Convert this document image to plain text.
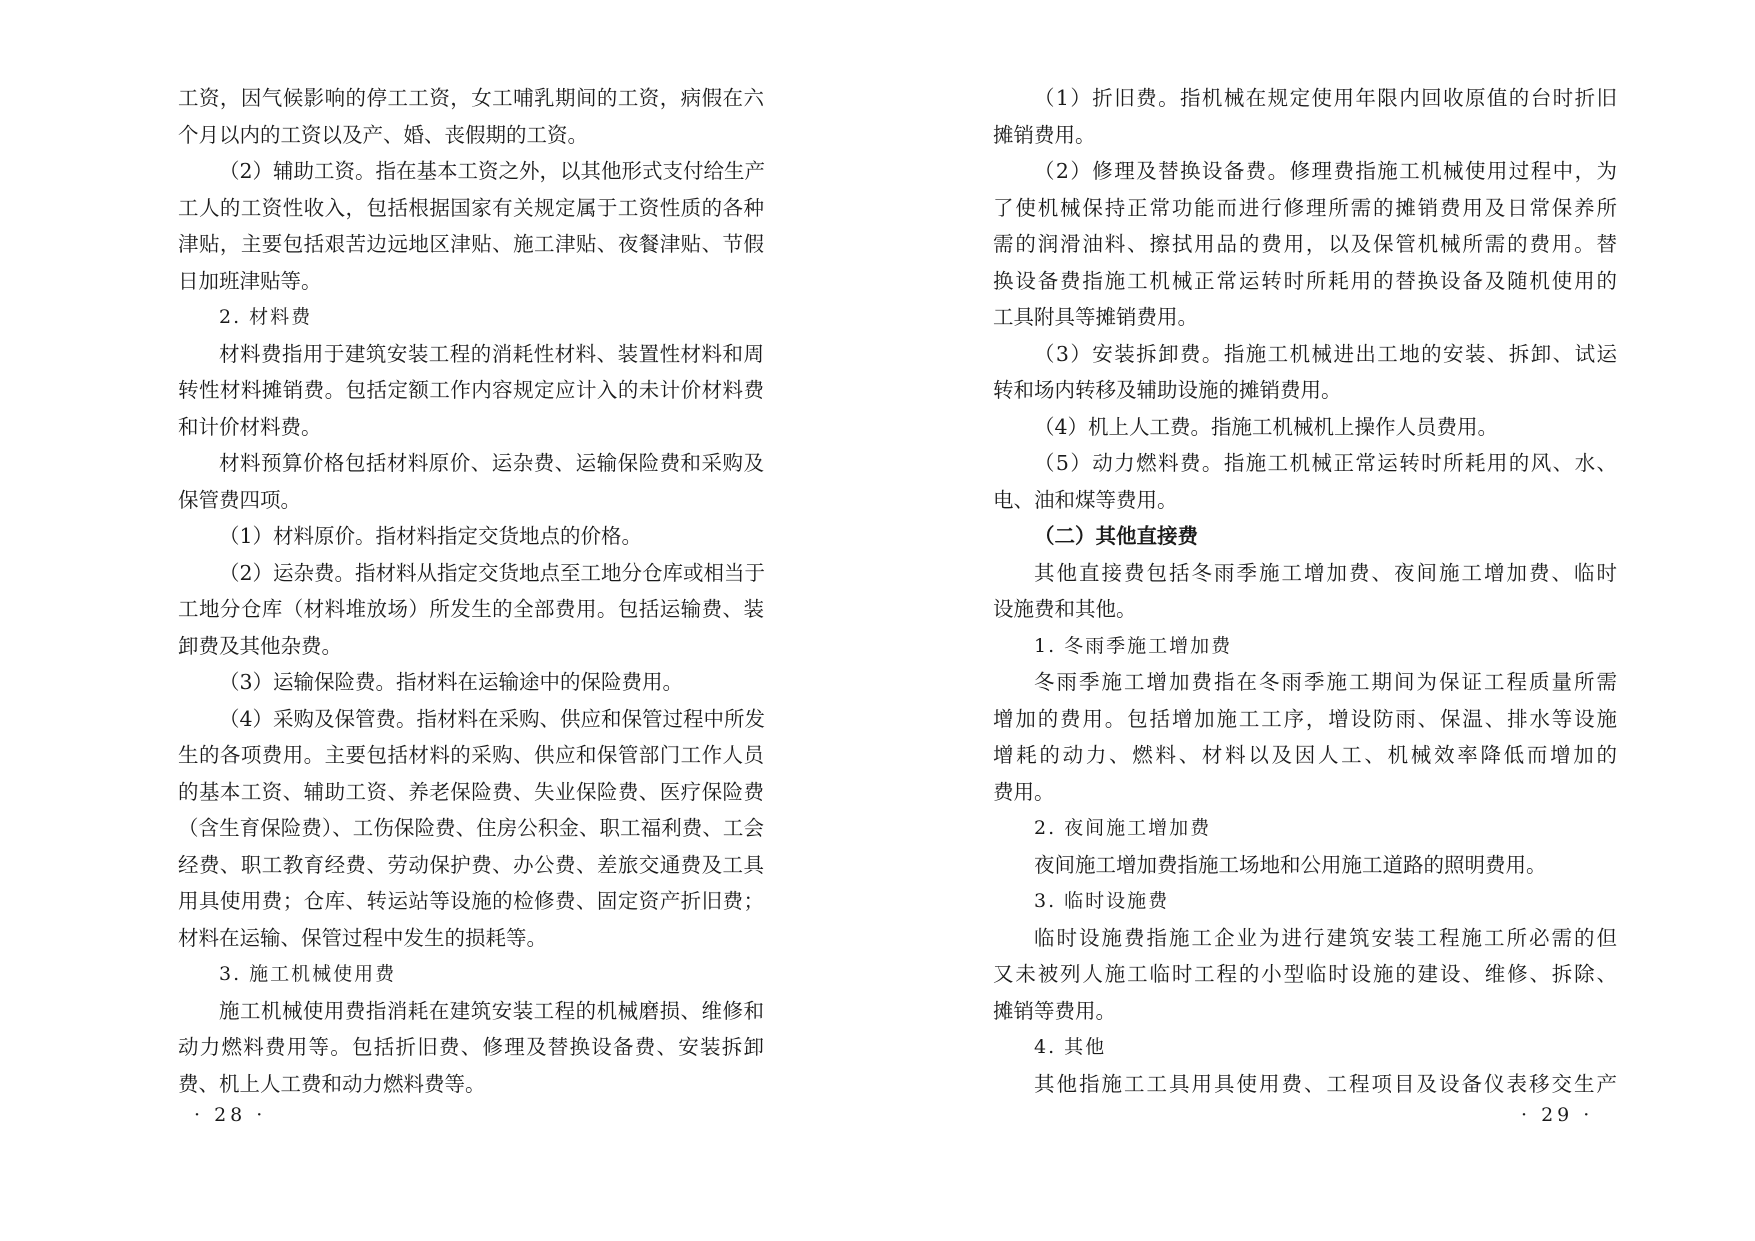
工资，因气候影响的停工工资，女工哺乳期间的工资，病假在六
个月以内的工资以及产、婚、丧假期的工资。
（2）辅助工资。指在基本工资之外，以其他形式支付给生产
工人的工资性收入，包括根据国家有关规定属于工资性质的各种
津贴，主要包括艰苦边远地区津贴、施工津贴、夜餐津贴、节假
日加班津贴等。
2. 材料费
材料费指用于建筑安装工程的消耗性材料、装置性材料和周
转性材料摊销费。包括定额工作内容规定应计入的未计价材料费
和计价材料费。
材料预算价格包括材料原价、运杂费、运输保险费和采购及
保管费四项。
（1）材料原价。指材料指定交货地点的价格。
（2）运杂费。指材料从指定交货地点至工地分仓库或相当于
工地分仓库（材料堆放场）所发生的全部费用。包括运输费、装
卸费及其他杂费。
（3）运输保险费。指材料在运输途中的保险费用。
（4）采购及保管费。指材料在采购、供应和保管过程中所发
生的各项费用。主要包括材料的采购、供应和保管部门工作人员
的基本工资、辅助工资、养老保险费、失业保险费、医疗保险费
（含生育保险费）、工伤保险费、住房公积金、职工福利费、工会
经费、职工教育经费、劳动保护费、办公费、差旅交通费及工具
用具使用费；仓库、转运站等设施的检修费、固定资产折旧费；
材料在运输、保管过程中发生的损耗等。
3. 施工机械使用费
施工机械使用费指消耗在建筑安装工程的机械磨损、维修和
动力燃料费用等。包括折旧费、修理及替换设备费、安装拆卸
费、机上人工费和动力燃料费等。
· 28 ·
（1）折旧费。指机械在规定使用年限内回收原值的台时折旧
摊销费用。
（2）修理及替换设备费。修理费指施工机械使用过程中，为
了使机械保持正常功能而进行修理所需的摊销费用及日常保养所
需的润滑油料、擦拭用品的费用，以及保管机械所需的费用。替
换设备费指施工机械正常运转时所耗用的替换设备及随机使用的
工具附具等摊销费用。
（3）安装拆卸费。指施工机械进出工地的安装、拆卸、试运
转和场内转移及辅助设施的摊销费用。
（4）机上人工费。指施工机械机上操作人员费用。
（5）动力燃料费。指施工机械正常运转时所耗用的风、水、
电、油和煤等费用。
（二）其他直接费
其他直接费包括冬雨季施工增加费、夜间施工增加费、临时
设施费和其他。
1. 冬雨季施工增加费
冬雨季施工增加费指在冬雨季施工期间为保证工程质量所需
增加的费用。包括增加施工工序，增设防雨、保温、排水等设施
增耗的动力、燃料、材料以及因人工、机械效率降低而增加的
费用。
2. 夜间施工增加费
夜间施工增加费指施工场地和公用施工道路的照明费用。
3. 临时设施费
临时设施费指施工企业为进行建筑安装工程施工所必需的但
又未被列人施工临时工程的小型临时设施的建设、维修、拆除、
摊销等费用。
4. 其他
其他指施工工具用具使用费、工程项目及设备仪表移交生产
· 29 ·
